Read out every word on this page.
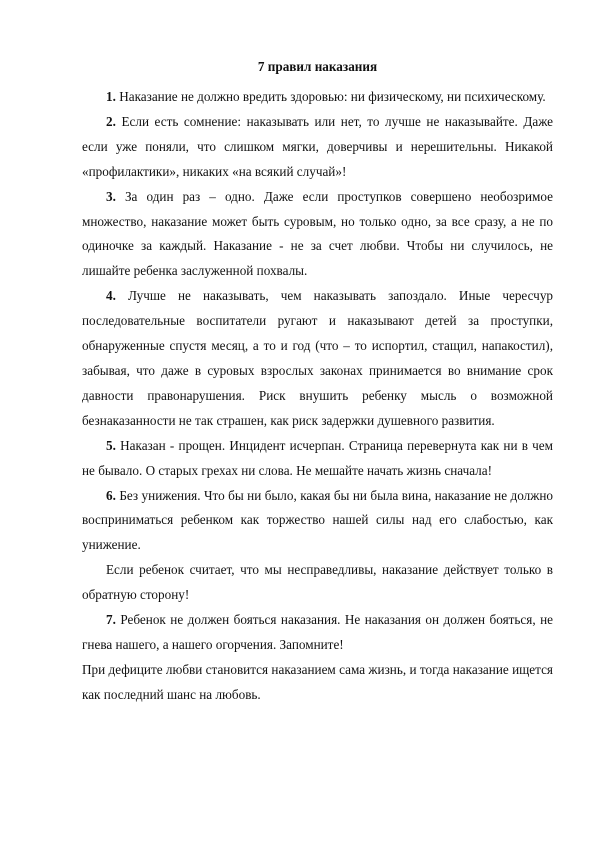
7 правил наказания

1. Наказание не должно вредить здоровью: ни физическому, ни психическому.

2. Если есть сомнение: наказывать или нет, то лучше не наказывайте. Даже если уже поняли, что слишком мягки, доверчивы и нерешительны. Никакой «профилактики», никаких «на всякий случай»!

3. За один раз – одно. Даже если проступков совершено необозримое множество, наказание может быть суровым, но только одно, за все сразу, а не по одиночке за каждый. Наказание - не за счет любви. Чтобы ни случилось, не лишайте ребенка заслуженной похвалы.

4. Лучше не наказывать, чем наказывать запоздало. Иные чересчур последовательные воспитатели ругают и наказывают детей за проступки, обнаруженные спустя месяц, а то и год (что – то испортил, стащил, напакостил), забывая, что даже в суровых взрослых законах принимается во внимание срок давности правонарушения. Риск внушить ребенку мысль о возможной безнаказанности не так страшен, как риск задержки душевного развития.

5. Наказан - прощен. Инцидент исчерпан. Страница перевернута как ни в чем не бывало. О старых грехах ни слова. Не мешайте начать жизнь сначала!

6. Без унижения. Что бы ни было, какая бы ни была вина, наказание не должно восприниматься ребенком как торжество нашей силы над его слабостью, как унижение.

Если ребенок считает, что мы несправедливы, наказание действует только в обратную сторону!

7. Ребенок не должен бояться наказания. Не наказания он должен бояться, не гнева нашего, а нашего огорчения. Запомните!

При дефиците любви становится наказанием сама жизнь, и тогда наказание ищется как последний шанс на любовь.
